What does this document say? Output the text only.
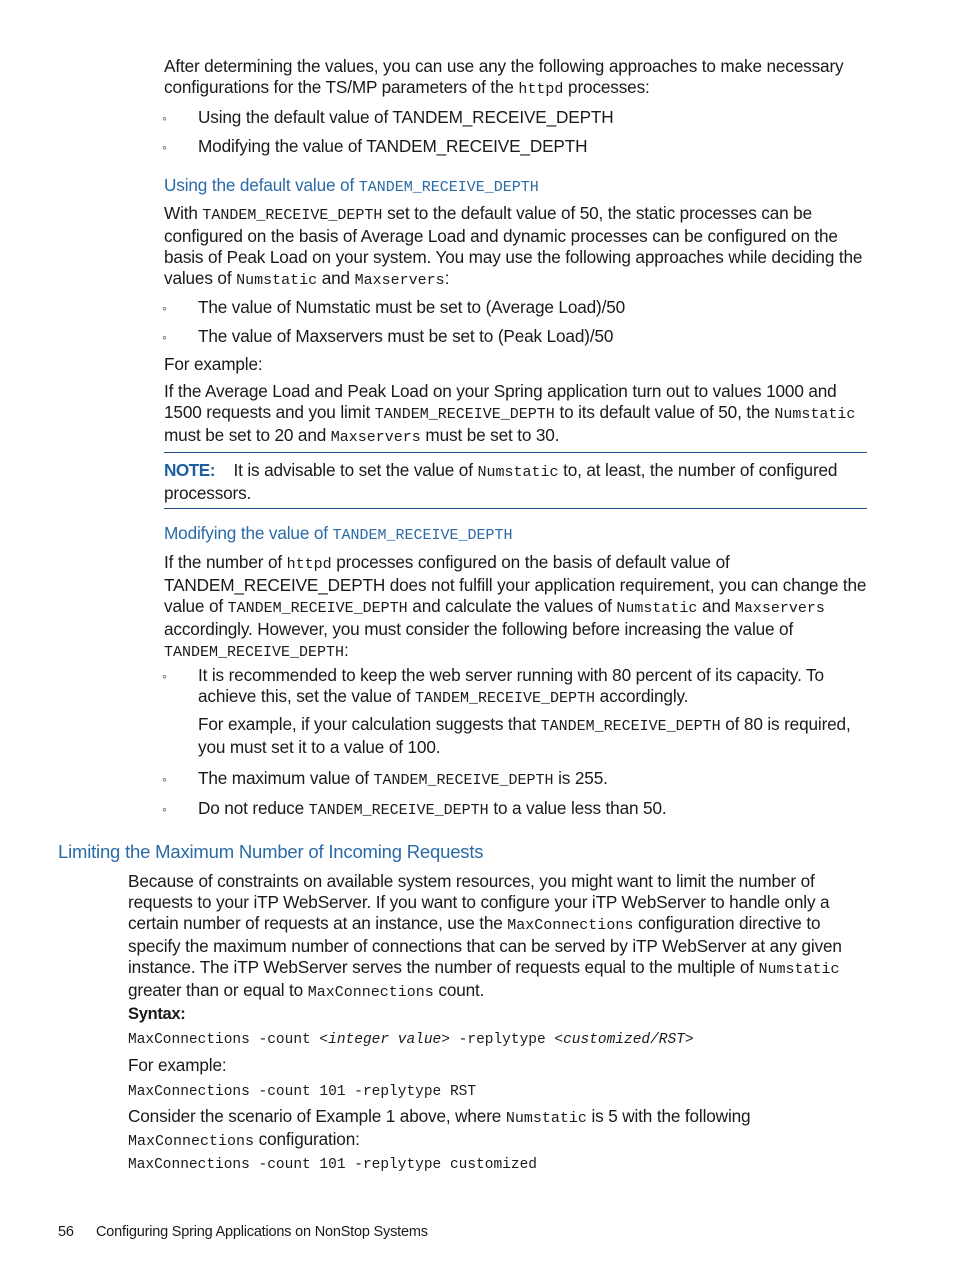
After determining the values, you can use any the following approaches to make necessary configurations for the TS/MP parameters of the httpd processes:

◦ Using the default value of TANDEM_RECEIVE_DEPTH

◦ Modifying the value of TANDEM_RECEIVE_DEPTH

Using the default value of TANDEM_RECEIVE_DEPTH

With TANDEM_RECEIVE_DEPTH set to the default value of 50, the static processes can be configured on the basis of Average Load and dynamic processes can be configured on the basis of Peak Load on your system. You may use the following approaches while deciding the values of Numstatic and Maxservers:

◦ The value of Numstatic must be set to (Average Load)/50

◦ The value of Maxservers must be set to (Peak Load)/50

For example:

If the Average Load and Peak Load on your Spring application turn out to values 1000 and 1500 requests and you limit TANDEM_RECEIVE_DEPTH to its default value of 50, the Numstatic must be set to 20 and Maxservers must be set to 30.

NOTE: It is advisable to set the value of Numstatic to, at least, the number of configured processors.

Modifying the value of TANDEM_RECEIVE_DEPTH

If the number of httpd processes configured on the basis of default value of TANDEM_RECEIVE_DEPTH does not fulfill your application requirement, you can change the value of TANDEM_RECEIVE_DEPTH and calculate the values of Numstatic and Maxservers accordingly. However, you must consider the following before increasing the value of TANDEM_RECEIVE_DEPTH:

◦ It is recommended to keep the web server running with 80 percent of its capacity. To achieve this, set the value of TANDEM_RECEIVE_DEPTH accordingly.

For example, if your calculation suggests that TANDEM_RECEIVE_DEPTH of 80 is required, you must set it to a value of 100.

◦ The maximum value of TANDEM_RECEIVE_DEPTH is 255.

◦ Do not reduce TANDEM_RECEIVE_DEPTH to a value less than 50.

Limiting the Maximum Number of Incoming Requests

Because of constraints on available system resources, you might want to limit the number of requests to your iTP WebServer. If you want to configure your iTP WebServer to handle only a certain number of requests at an instance, use the MaxConnections configuration directive to specify the maximum number of connections that can be served by iTP WebServer at any given instance. The iTP WebServer serves the number of requests equal to the multiple of Numstatic greater than or equal to MaxConnections count.

Syntax:

MaxConnections -count <integer value> -replytype <customized/RST>

For example:

MaxConnections -count 101 -replytype RST

Consider the scenario of Example 1 above, where Numstatic is 5 with the following MaxConnections configuration:

MaxConnections -count 101 -replytype customized
56 Configuring Spring Applications on NonStop Systems
